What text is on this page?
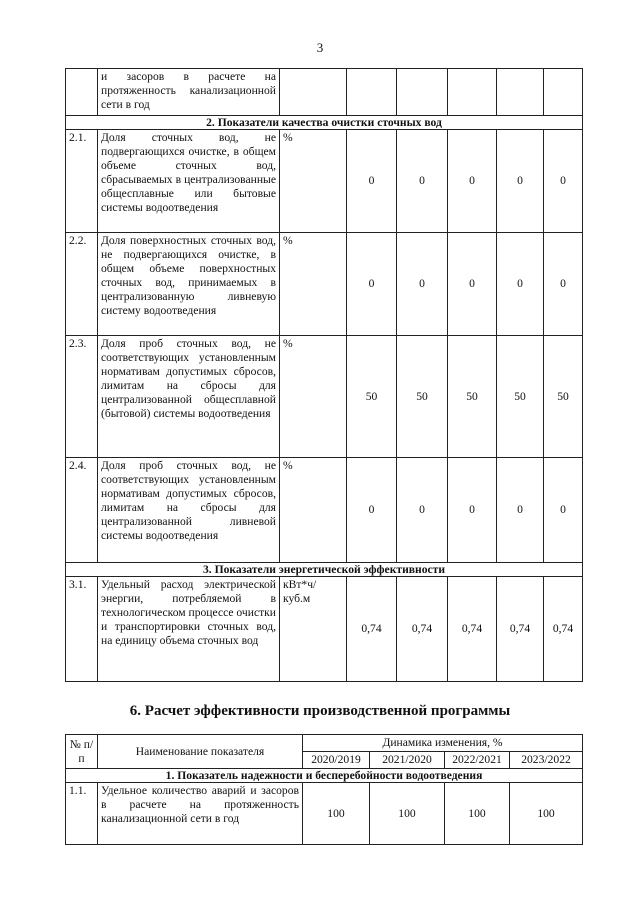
3
	и засоров в расчете на протяженность канализационной сети в год						
2. Показатели качества очистки сточных вод							
2.1.	Доля сточных вод, не подвергающихся очистке, в общем объеме сточных вод, сбрасываемых в централизованные общесплавные или бытовые системы водоотведения	%	0	0	0	0	0
2.2.	Доля поверхностных сточных вод, не подвергающихся очистке, в общем объеме поверхностных сточных вод, принимаемых в централизованную ливневую систему водоотведения	%	0	0	0	0	0
2.3.	Доля проб сточных вод, не соответствующих установленным нормативам допустимых сбросов, лимитам на сбросы для централизованной общесплавной (бытовой) системы водоотведения	%	50	50	50	50	50
2.4.	Доля проб сточных вод, не соответствующих установленным нормативам допустимых сбросов, лимитам на сбросы для централизованной ливневой системы водоотведения	%	0	0	0	0	0
3. Показатели энергетической эффективности							
3.1.	Удельный расход электрической энергии, потребляемой в технологическом процессе очистки и транспортировки сточных вод, на единицу объема сточных вод	кВт*ч/ куб.м	0,74	0,74	0,74	0,74	0,74
6. Расчет эффективности производственной программы
№ п/п	Наименование показателя	Динамика изменения, %			
		2020/2019	2021/2020	2022/2021	2023/2022
1. Показатель надежности и бесперебойности водоотведения					
1.1.	Удельное количество аварий и засоров в расчете на протяженность канализационной сети в год	100	100	100	100
